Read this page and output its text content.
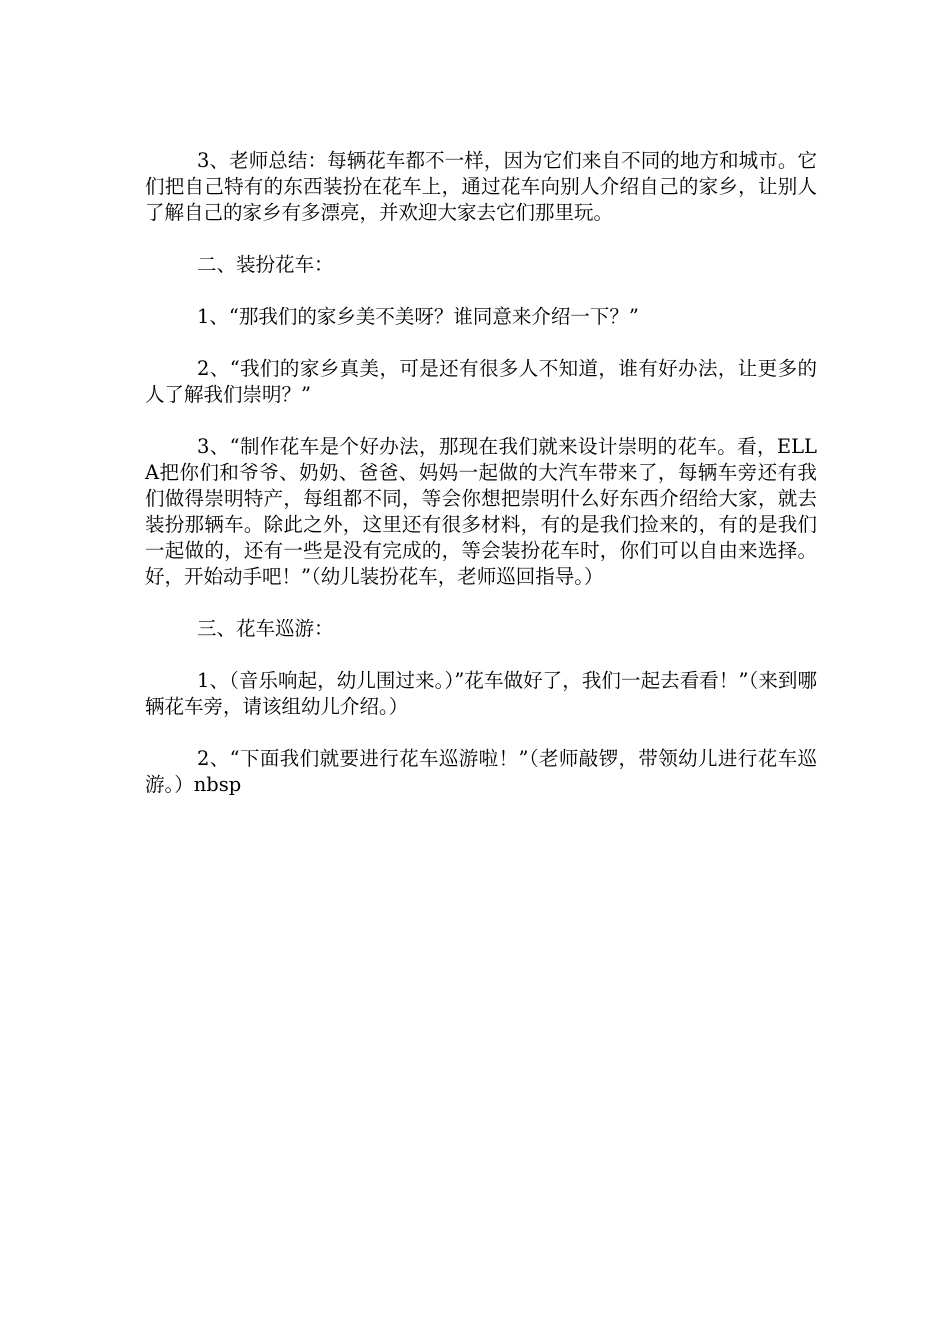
3、老师总结：每辆花车都不一样，因为它们来自不同的地方和城市。它们把自己特有的东西装扮在花车上，通过花车向别人介绍自己的家乡，让别人了解自己的家乡有多漂亮，并欢迎大家去它们那里玩。

二、装扮花车：

1、“那我们的家乡美不美呀？谁同意来介绍一下？”

2、“我们的家乡真美，可是还有很多人不知道，谁有好办法，让更多的人了解我们崇明？”

3、“制作花车是个好办法，那现在我们就来设计崇明的花车。看，ELLA把你们和爷爷、奶奶、爸爸、妈妈一起做的大汽车带来了，每辆车旁还有我们做得崇明特产，每组都不同，等会你想把崇明什么好东西介绍给大家，就去装扮那辆车。除此之外，这里还有很多材料，有的是我们捡来的，有的是我们一起做的，还有一些是没有完成的，等会装扮花车时，你们可以自由来选择。好，开始动手吧！”（幼儿装扮花车，老师巡回指导。）

三、花车巡游：

1、（音乐响起，幼儿围过来。）”花车做好了，我们一起去看看！”（来到哪辆花车旁，请该组幼儿介绍。）

2、“下面我们就要进行花车巡游啦！”（老师敲锣，带领幼儿进行花车巡游。）nbsp
